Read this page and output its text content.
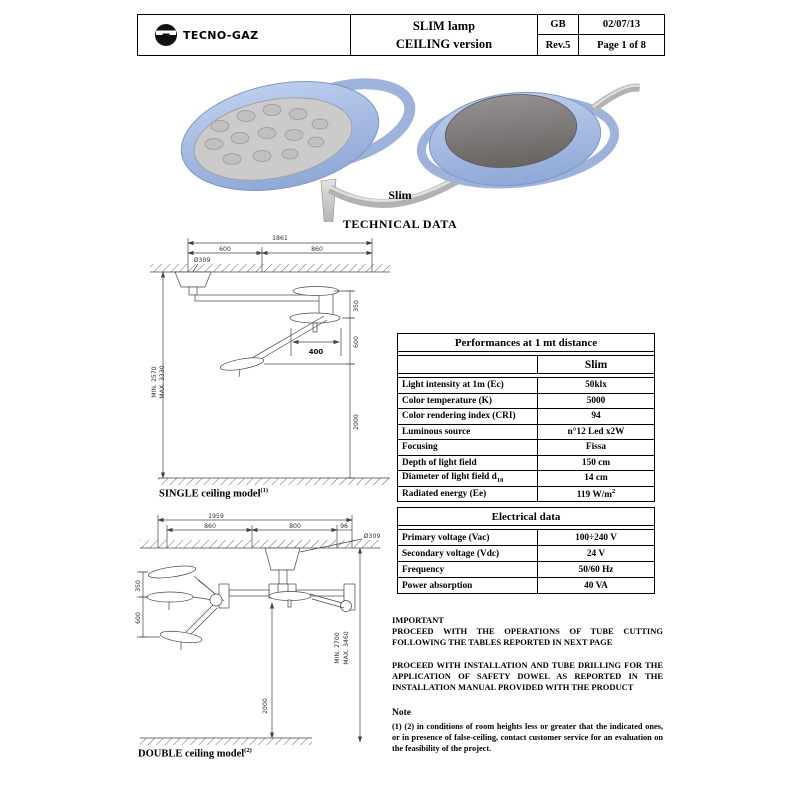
TECNO-GAZ
SLIM lamp
CEILING version
GB	02/07/13
Rev.5	Page 1 of 8
Slim
TECHNICAL DATA
1861
600	860
Ø309
350
600
400
MIN. 2570 MAX. 3330
2000
SINGLE ceiling model$^{(1)}$
1959
860	800	96
Ø309
350
600
MIN. 2700 MAX. 3460
2000
DOUBLE ceiling model$^{(2)}$
Performances at 1 mt distance	

	Slim

Light intensity at 1m (Ec)	50klx
Color temperature (K)	5000
Color rendering index (CRI)	94
Luminous source	n°12 Led x2W
Focusing	Fissa
Depth of light field	150 cm
Diameter of light field $d_{10}$	14 cm
Radiated energy (Ee)	119 $W/m^2$
Electrical data	

Primary voltage (Vac)	100÷240 V
Secondary voltage (Vdc)	24 V
Frequency	50/60 Hz
Power absorption	40 VA
IMPORTANT
PROCEED WITH THE OPERATIONS OF TUBE CUTTING FOLLOWING THE TABLES REPORTED IN NEXT PAGE
PROCEED WITH INSTALLATION AND TUBE DRILLING FOR THE APPLICATION OF SAFETY DOWEL AS REPORTED IN THE INSTALLATION MANUAL PROVIDED WITH THE PRODUCT
Note
(1) (2) in conditions of room heights less or greater that the indicated ones, or in presence of false-ceiling, contact customer service for an evaluation on the feasibility of the project.
